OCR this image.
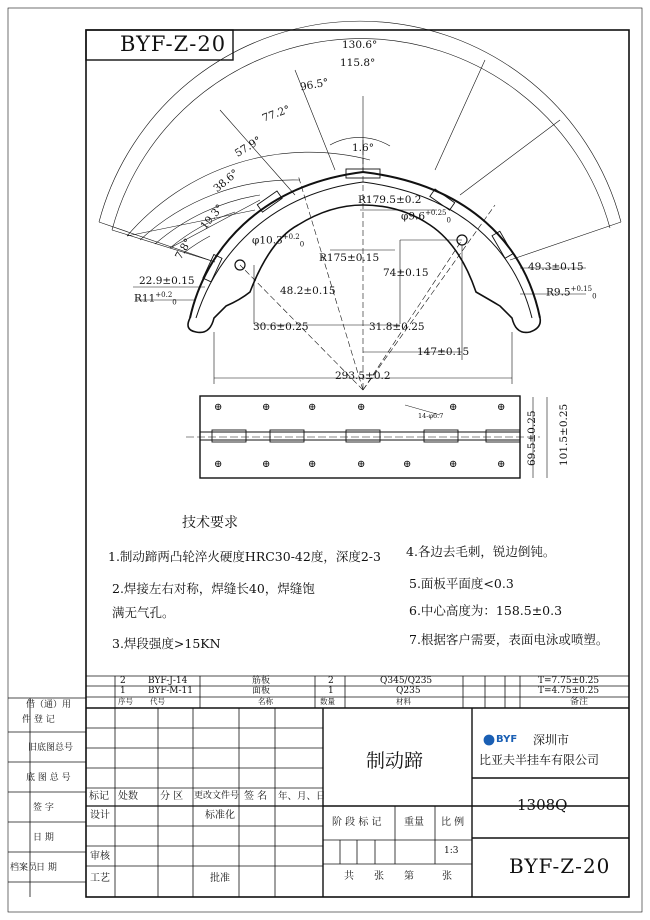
BYF-Z-20	130.6°
115.8°
96.5°
77.2°
57.9°
38.6°
19.3°
7.8°
1.6°
R179.5±0.2
$\varphi 9.6^{+0.25}_0$
$\varphi 10.3^{+0.2}_0$
R175±0.15
74±0.15	49.3±0.15
22.9±0.15
$R11^{+0.2}_0$
$R9.5^{+0.15}_0$
48.2±0.15
30.6±0.25	31.8±0.25
147±0.15
293.5±0.2
14-φ6.7	69.5±0.25 101.5±0.25
⊕	⊕	⊕	⊕	⊕	⊕
⊕	⊕	⊕	⊕	⊕	⊕	⊕
技术要求
1.制动蹄两凸轮淬火硬度HRC30-42度，深度2-3
2.焊接左右对称，焊缝长40，焊缝饱
满无气孔。
3.焊段强度>15KN
4.各边去毛刺，锐边倒钝。
5.面板平面度<0.3
6.中心高度为：158.5±0.3
7.根据客户需要，表面电泳或喷塑。
借（通）用
件 登 记
旧底图总号
底 图 总 号
签 字
日 期
档案员
日 期
2 BYF-J-14	筋板	2	Q345/Q235	T=7.75±0.25
1 BYF-M-11	面板	1	Q235	T=4.75±0.25
序号 代号	名称	数量	材料	备注
制动蹄
BYF 深圳市
比亚夫半挂车有限公司
1308Q
BYF-Z-20
1:3
标记 处数 分 区 更改文件号 签 名 年、月、日
设计	标准化
审核
工艺	批准
阶 段 标 记 重量 比 例
共 张 第	张
